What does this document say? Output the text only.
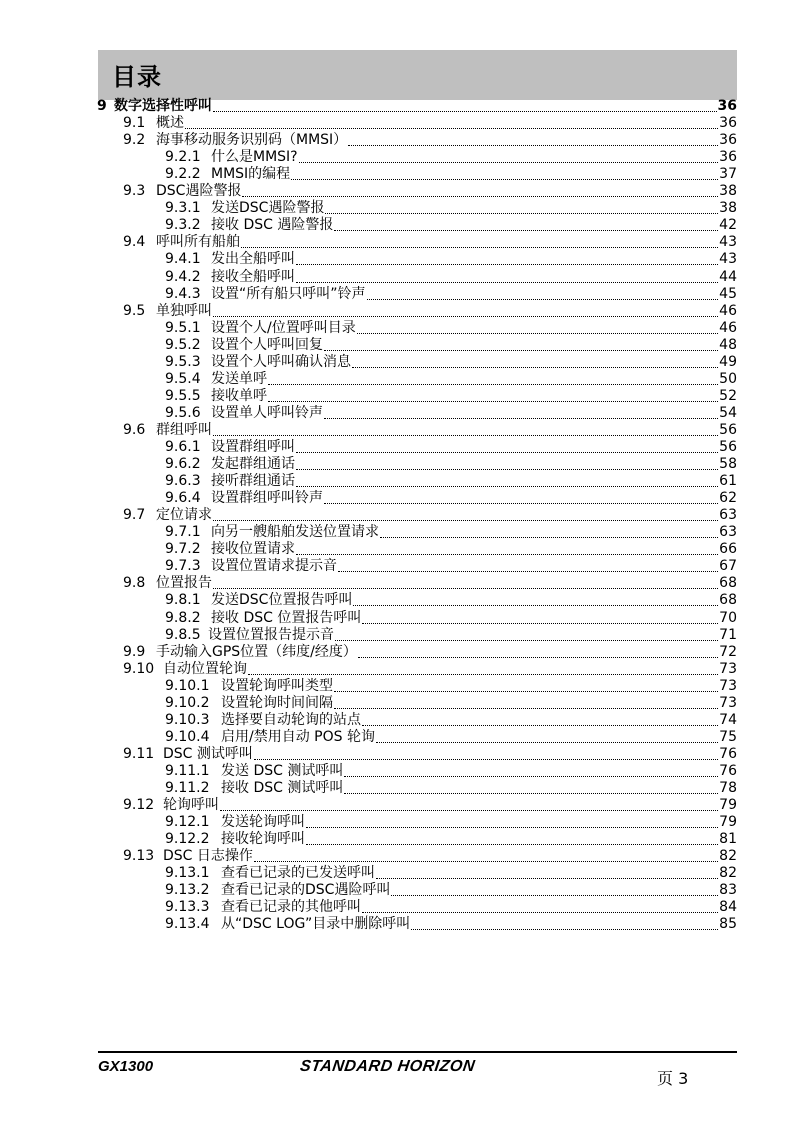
目录
9 数字选择性呼叫	36
9.1 概述	36
9.2 海事移动服务识别码（MMSI）	36
9.2.1 什么是MMSI?	36
9.2.2 MMSI的编程	37
9.3 DSC遇险警报	38
9.3.1 发送DSC遇险警报	38
9.3.2 接收 DSC 遇险警报	42
9.4 呼叫所有船舶	43
9.4.1 发出全船呼叫	43
9.4.2 接收全船呼叫	44
9.4.3 设置“所有船只呼叫”铃声	45
9.5 单独呼叫	46
9.5.1 设置个人/位置呼叫目录	46
9.5.2 设置个人呼叫回复	48
9.5.3 设置个人呼叫确认消息	49
9.5.4 发送单呼	50
9.5.5 接收单呼	52
9.5.6 设置单人呼叫铃声	54
9.6 群组呼叫	56
9.6.1 设置群组呼叫	56
9.6.2 发起群组通话	58
9.6.3 接听群组通话	61
9.6.4 设置群组呼叫铃声	62
9.7 定位请求	63
9.7.1 向另一艘船舶发送位置请求	63
9.7.2 接收位置请求	66
9.7.3 设置位置请求提示音	67
9.8 位置报告	68
9.8.1 发送DSC位置报告呼叫	68
9.8.2 接收 DSC 位置报告呼叫	70
9.8.5 设置位置报告提示音	71
9.9 手动输入GPS位置（纬度/经度）	72
9.10 自动位置轮询	73
9.10.1 设置轮询呼叫类型	73
9.10.2 设置轮询时间间隔	73
9.10.3 选择要自动轮询的站点	74
9.10.4 启用/禁用自动 POS 轮询	75
9.11 DSC 测试呼叫	76
9.11.1 发送 DSC 测试呼叫	76
9.11.2 接收 DSC 测试呼叫	78
9.12 轮询呼叫	79
9.12.1 发送轮询呼叫	79
9.12.2 接收轮询呼叫	81
9.13 DSC 日志操作	82
9.13.1 查看已记录的已发送呼叫	82
9.13.2 查看已记录的DSC遇险呼叫	83
9.13.3 查看已记录的其他呼叫	84
9.13.4 从“DSC LOG”目录中删除呼叫	85
GX1300	STANDARD HORIZON
页 3
